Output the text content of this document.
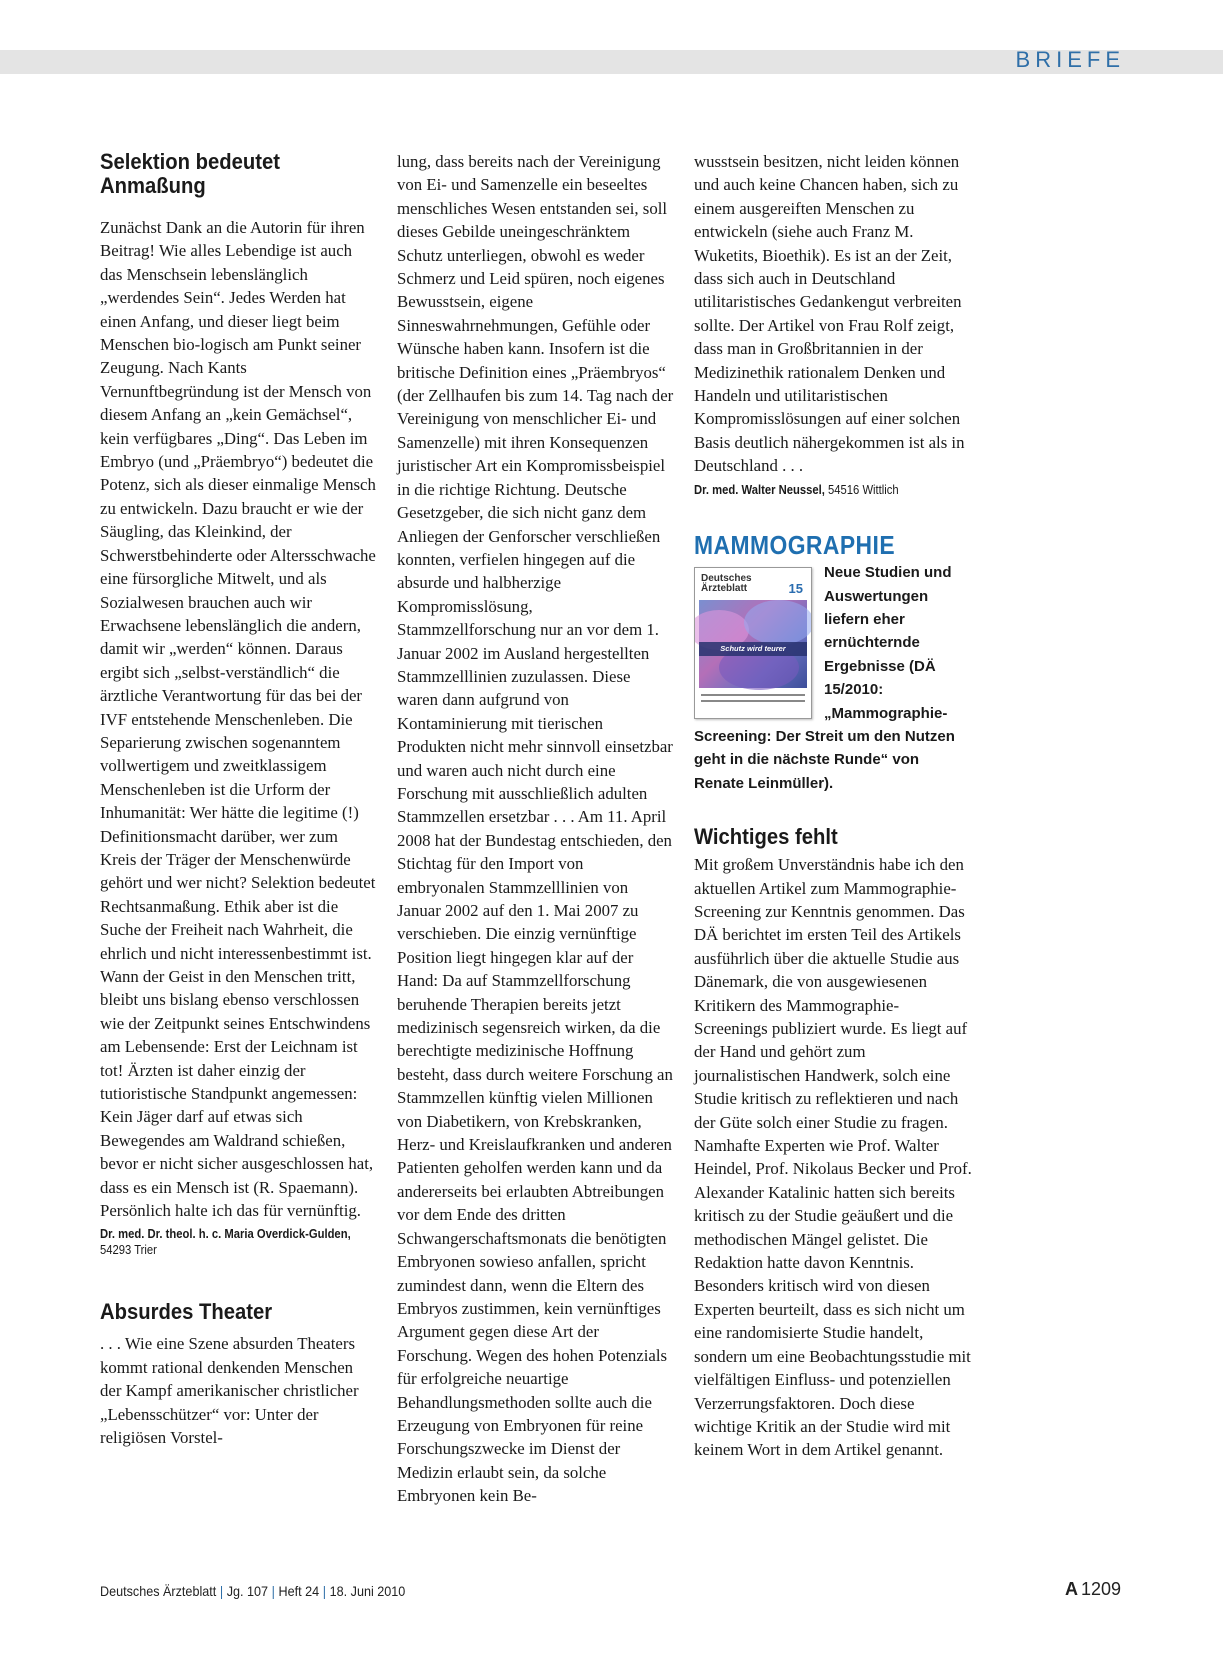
BRIEFE
Selektion bedeutet Anmaßung

Zunächst Dank an die Autorin für ihren Beitrag! Wie alles Lebendige ist auch das Menschsein lebenslänglich „werdendes Sein“. Jedes Werden hat einen Anfang, und dieser liegt beim Menschen bio-logisch am Punkt seiner Zeugung. Nach Kants Vernunftbegründung ist der Mensch von diesem Anfang an „kein Gemächsel“, kein verfügbares „Ding“. Das Leben im Embryo (und „Präembryo“) bedeutet die Potenz, sich als dieser einmalige Mensch zu entwickeln. Dazu braucht er wie der Säugling, das Kleinkind, der Schwerstbehinderte oder Altersschwache eine fürsorgliche Mitwelt, und als Sozialwesen brauchen auch wir Erwachsene lebenslänglich die andern, damit wir „werden“ können. Daraus ergibt sich „selbst-verständlich“ die ärztliche Verantwortung für das bei der IVF entstehende Menschenleben. Die Separierung zwischen sogenanntem vollwertigem und zweitklassigem Menschenleben ist die Urform der Inhumanität: Wer hätte die legitime (!) Definitionsmacht darüber, wer zum Kreis der Träger der Menschenwürde gehört und wer nicht? Selektion bedeutet Rechtsanmaßung. Ethik aber ist die Suche der Freiheit nach Wahrheit, die ehrlich und nicht interessenbestimmt ist. Wann der Geist in den Menschen tritt, bleibt uns bislang ebenso verschlossen wie der Zeitpunkt seines Entschwindens am Lebensende: Erst der Leichnam ist tot! Ärzten ist daher einzig der tutioristische Standpunkt angemessen: Kein Jäger darf auf etwas sich Bewegendes am Waldrand schießen, bevor er nicht sicher ausgeschlossen hat, dass es ein Mensch ist (R. Spaemann). Persönlich halte ich das für vernünftig.

Dr. med. Dr. theol. h. c. Maria Overdick-Gulden,
54293 Trier
Absurdes Theater

. . . Wie eine Szene absurden Theaters kommt rational denkenden Menschen der Kampf amerikanischer christlicher „Lebensschützer“ vor: Unter der religiösen Vorstel-

lung, dass bereits nach der Vereinigung von Ei- und Samenzelle ein beseeltes menschliches Wesen entstanden sei, soll dieses Gebilde uneingeschränktem Schutz unterliegen, obwohl es weder Schmerz und Leid spüren, noch eigenes Bewusstsein, eigene Sinneswahrnehmungen, Gefühle oder Wünsche haben kann. Insofern ist die britische Definition eines „Präembryos“ (der Zellhaufen bis zum 14. Tag nach der Vereinigung von menschlicher Ei- und Samenzelle) mit ihren Konsequenzen juristischer Art ein Kompromissbeispiel in die richtige Richtung. Deutsche Gesetzgeber, die sich nicht ganz dem Anliegen der Genforscher verschließen konnten, verfielen hingegen auf die absurde und halbherzige Kompromisslösung, Stammzellforschung nur an vor dem 1. Januar 2002 im Ausland hergestellten Stammzelllinien zuzulassen. Diese waren dann aufgrund von Kontaminierung mit tierischen Produkten nicht mehr sinnvoll einsetzbar und waren auch nicht durch eine Forschung mit ausschließlich adulten Stammzellen ersetzbar . . . Am 11. April 2008 hat der Bundestag entschieden, den Stichtag für den Import von embryonalen Stammzelllinien von Januar 2002 auf den 1. Mai 2007 zu verschieben. Die einzig vernünftige Position liegt hingegen klar auf der Hand: Da auf Stammzellforschung beruhende Therapien bereits jetzt medizinisch segensreich wirken, da die berechtigte medizinische Hoffnung besteht, dass durch weitere Forschung an Stammzellen künftig vielen Millionen von Diabetikern, von Krebskranken, Herz- und Kreislaufkranken und anderen Patienten geholfen werden kann und da andererseits bei erlaubten Abtreibungen vor dem Ende des dritten Schwangerschaftsmonats die benötigten Embryonen sowieso anfallen, spricht zumindest dann, wenn die Eltern des Embryos zustimmen, kein vernünftiges Argument gegen diese Art der Forschung. Wegen des hohen Potenzials für erfolgreiche neuartige Behandlungsmethoden sollte auch die Erzeugung von Embryonen für reine Forschungszwecke im Dienst der Medizin erlaubt sein, da solche Embryonen kein Be-

wusstsein besitzen, nicht leiden können und auch keine Chancen haben, sich zu einem ausgereiften Menschen zu entwickeln (siehe auch Franz M. Wuketits, Bioethik). Es ist an der Zeit, dass sich auch in Deutschland utilitaristisches Gedankengut verbreiten sollte. Der Artikel von Frau Rolf zeigt, dass man in Großbritannien in der Medizinethik rationalem Denken und Handeln und utilitaristischen Kompromisslösungen auf einer solchen Basis deutlich nähergekommen ist als in Deutschland . . .

Dr. med. Walter Neussel, 54516 Wittlich
MAMMOGRAPHIE
Deutsches
Ärzteblatt	15
Schutz wird teurer

Neue Studien und Auswertungen liefern eher ernüchternde Ergebnisse (DÄ 15/2010: „Mammographie-Screening: Der Streit um den Nutzen geht in die nächste Runde“ von Renate Leinmüller).

Wichtiges fehlt

Mit großem Unverständnis habe ich den aktuellen Artikel zum Mammographie-Screening zur Kenntnis genommen. Das DÄ berichtet im ersten Teil des Artikels ausführlich über die aktuelle Studie aus Dänemark, die von ausgewiesenen Kritikern des Mammographie-Screenings publiziert wurde. Es liegt auf der Hand und gehört zum journalistischen Handwerk, solch eine Studie kritisch zu reflektieren und nach der Güte solch einer Studie zu fragen. Namhafte Experten wie Prof. Walter Heindel, Prof. Nikolaus Becker und Prof. Alexander Katalinic hatten sich bereits kritisch zu der Studie geäußert und die methodischen Mängel gelistet. Die Redaktion hatte davon Kenntnis. Besonders kritisch wird von diesen Experten beurteilt, dass es sich nicht um eine randomisierte Studie handelt, sondern um eine Beobachtungsstudie mit vielfältigen Einfluss- und potenziellen Verzerrungsfaktoren. Doch diese wichtige Kritik an der Studie wird mit keinem Wort in dem Artikel genannt.

Deutsches Ärzteblatt | Jg. 107 | Heft 24 | 18. Juni 2010	A 1209
